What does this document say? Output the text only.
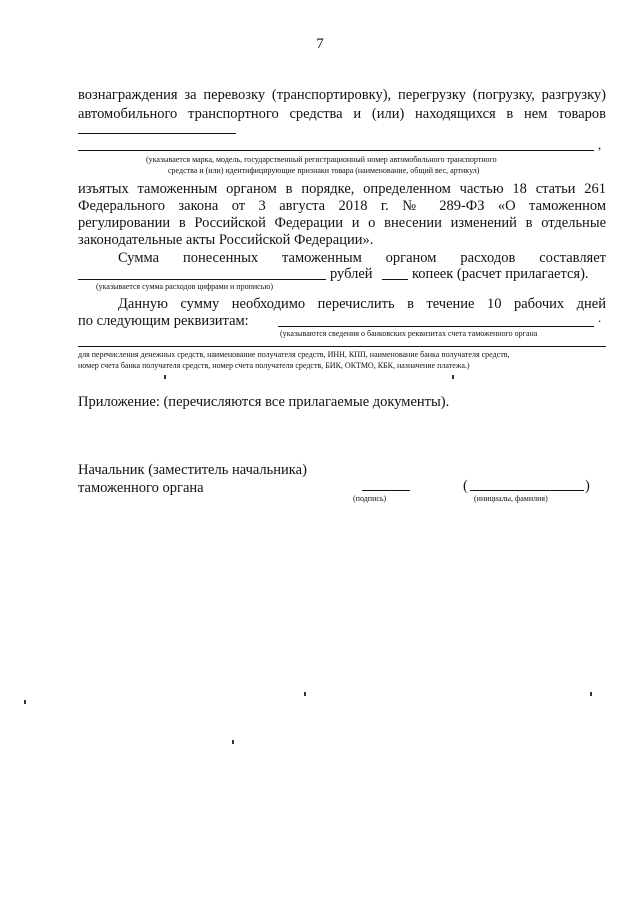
7
вознаграждения за перевозку (транспортировку), перегрузку (погрузку, разгрузку)
автомобильного транспортного средства и (или) находящихся в нем товаров
,
(указывается марка, модель, государственный регистрационный номер автомобильного транспортного
средства и (или) идентифицирующие признаки товара (наименование, общий вес, артикул)
изъятых таможенным органом в порядке, определенном частью 18 статьи 261
Федерального закона от 3 августа 2018 г. № 289-ФЗ «О таможенном
регулировании в Российской Федерации и о внесении изменений в отдельные
законодательные акты Российской Федерации».
Сумма понесенных таможенным органом расходов составляет
рублей	копеек (расчет прилагается).
(указывается сумма расходов цифрами и прописью)
Данную сумму необходимо перечислить в течение 10 рабочих дней
по следующим реквизитам:	.
(указываются сведения о банковских реквизитах счета таможенного органа
для перечисления денежных средств, наименование получателя средств, ИНН, КПП, наименование банка получателя средств,
номер счета банка получателя средств, номер счета получателя средств, БИК, ОКТМО, КБК, назначение платежа.)
Приложение: (перечисляются все прилагаемые документы).
Начальник (заместитель начальника)
таможенного органа
(подпись)
(	)
(инициалы, фамилия)
